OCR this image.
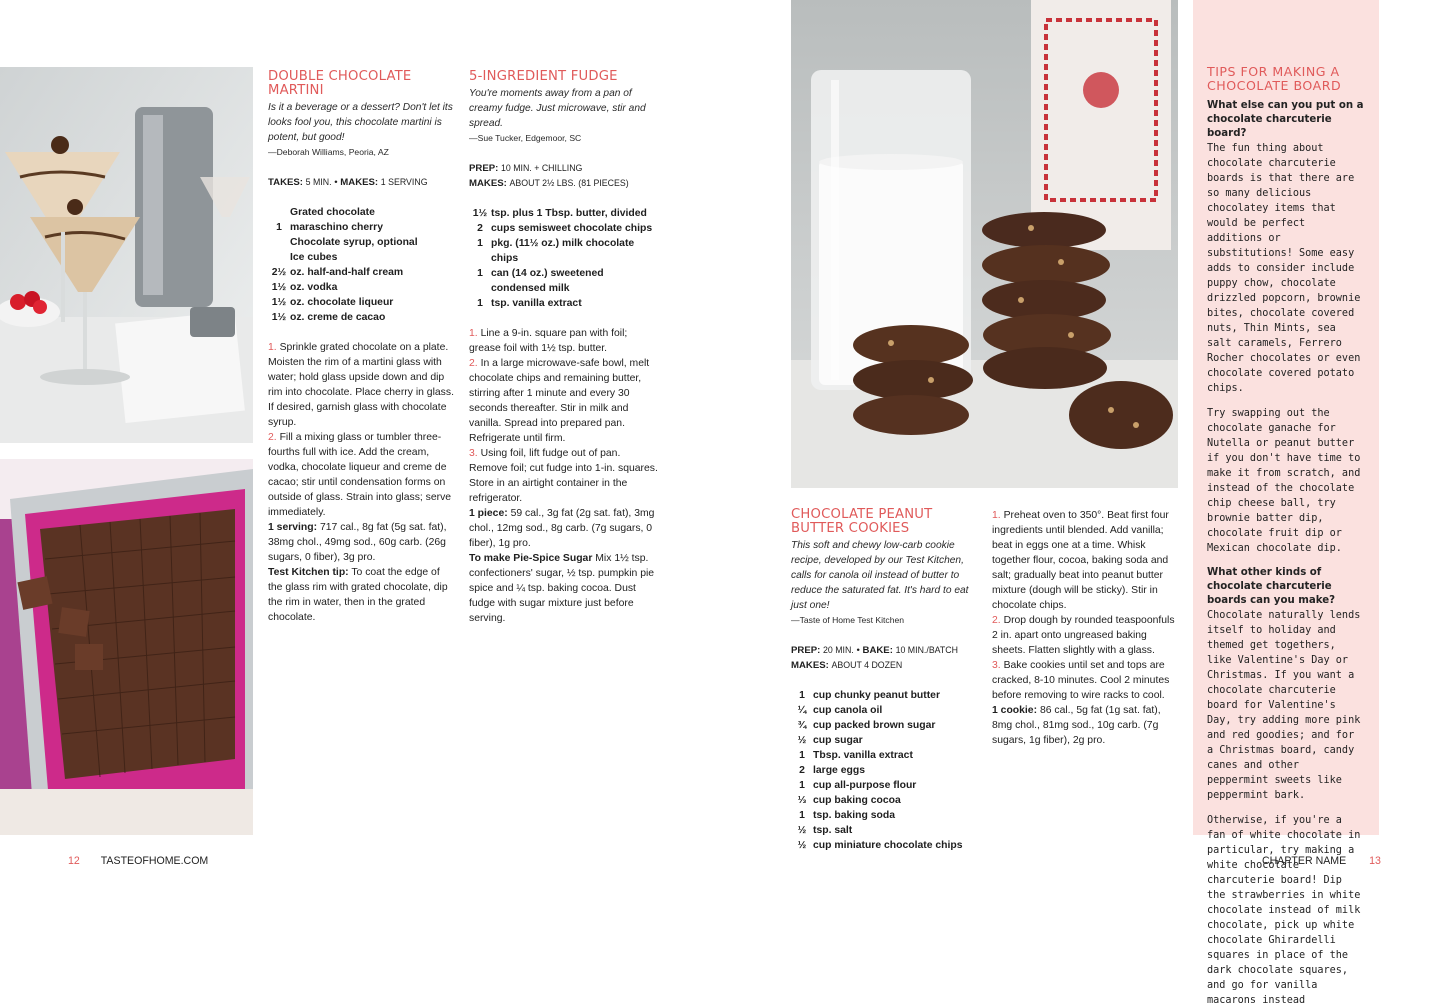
DOUBLE CHOCOLATE MARTINI
Is it a beverage or a dessert? Don't let its looks fool you, this chocolate martini is potent, but good!
—Deborah Williams, Peoria, AZ
TAKES: 5 MIN. • MAKES: 1 SERVING
Grated chocolate
1 maraschino cherry
Chocolate syrup, optional
Ice cubes
2½ oz. half-and-half cream
1½ oz. vodka
1½ oz. chocolate liqueur
1½ oz. creme de cacao

1. Sprinkle grated chocolate on a plate. Moisten the rim of a martini glass with water; hold glass upside down and dip rim into chocolate. Place cherry in glass. If desired, garnish glass with chocolate syrup.

2. Fill a mixing glass or tumbler three-fourths full with ice. Add the cream, vodka, chocolate liqueur and creme de cacao; stir until condensation forms on outside of glass. Strain into glass; serve immediately.

1 serving: 717 cal., 8g fat (5g sat. fat), 38mg chol., 49mg sod., 60g carb. (26g sugars, 0 fiber), 3g pro.

Test Kitchen tip: To coat the edge of the glass rim with grated chocolate, dip the rim in water, then in the grated chocolate.

5-INGREDIENT FUDGE
You're moments away from a pan of creamy fudge. Just microwave, stir and spread.
—Sue Tucker, Edgemoor, SC
PREP: 10 MIN. + CHILLING
MAKES: ABOUT 2½ LBS. (81 PIECES)
1½ tsp. plus 1 Tbsp. butter, divided
2 cups semisweet chocolate chips
1 pkg. (11½ oz.) milk chocolate chips
1 can (14 oz.) sweetened condensed milk
1 tsp. vanilla extract

1. Line a 9-in. square pan with foil; grease foil with 1½ tsp. butter.

2. In a large microwave-safe bowl, melt chocolate chips and remaining butter, stirring after 1 minute and every 30 seconds thereafter. Stir in milk and vanilla. Spread into prepared pan. Refrigerate until firm.

3. Using foil, lift fudge out of pan. Remove foil; cut fudge into 1-in. squares. Store in an airtight container in the refrigerator.

1 piece: 59 cal., 3g fat (2g sat. fat), 3mg chol., 12mg sod., 8g carb. (7g sugars, 0 fiber), 1g pro.

To make Pie-Spice Sugar Mix 1½ tsp. confectioners' sugar, ½ tsp. pumpkin pie spice and ¼ tsp. baking cocoa. Dust fudge with sugar mixture just before serving.

CHOCOLATE PEANUT BUTTER COOKIES
This soft and chewy low-carb cookie recipe, developed by our Test Kitchen, calls for canola oil instead of butter to reduce the saturated fat. It's hard to eat just one!
—Taste of Home Test Kitchen
PREP: 20 MIN. • BAKE: 10 MIN./BATCH
MAKES: ABOUT 4 DOZEN
1 cup chunky peanut butter
¼ cup canola oil
¾ cup packed brown sugar
½ cup sugar
1 Tbsp. vanilla extract
2 large eggs
1 cup all-purpose flour
⅓ cup baking cocoa
1 tsp. baking soda
½ tsp. salt
½ cup miniature chocolate chips

1. Preheat oven to 350°. Beat first four ingredients until blended. Add vanilla; beat in eggs one at a time. Whisk together flour, cocoa, baking soda and salt; gradually beat into peanut butter mixture (dough will be sticky). Stir in chocolate chips.

2. Drop dough by rounded teaspoonfuls 2 in. apart onto ungreased baking sheets. Flatten slightly with a glass.

3. Bake cookies until set and tops are cracked, 8-10 minutes. Cool 2 minutes before removing to wire racks to cool.

1 cookie: 86 cal., 5g fat (1g sat. fat), 8mg chol., 81mg sod., 10g carb. (7g sugars, 1g fiber), 2g pro.

TIPS FOR MAKING A CHOCOLATE BOARD

What else can you put on a chocolate charcuterie board?
The fun thing about chocolate charcuterie boards is that there are so many delicious chocolatey items that would be perfect additions or substitutions! Some easy adds to consider include puppy chow, chocolate drizzled popcorn, brownie bites, chocolate covered nuts, Thin Mints, sea salt caramels, Ferrero Rocher chocolates or even chocolate covered potato chips.

Try swapping out the chocolate ganache for Nutella or peanut butter if you don't have time to make it from scratch, and instead of the chocolate chip cheese ball, try brownie batter dip, chocolate fruit dip or Mexican chocolate dip.

What other kinds of chocolate charcuterie boards can you make?
Chocolate naturally lends itself to holiday and themed get togethers, like Valentine's Day or Christmas. If you want a chocolate charcuterie board for Valentine's Day, try adding more pink and red goodies; and for a Christmas board, candy canes and other peppermint sweets like peppermint bark.

Otherwise, if you're a fan of white chocolate in particular, try making a white chocolate charcuterie board! Dip the strawberries in white chocolate instead of milk chocolate, pick up white chocolate Ghirardelli squares in place of the dark chocolate squares, and go for vanilla macarons instead

12 TASTEOFHOME.COM	CHAPTER NAME 13
